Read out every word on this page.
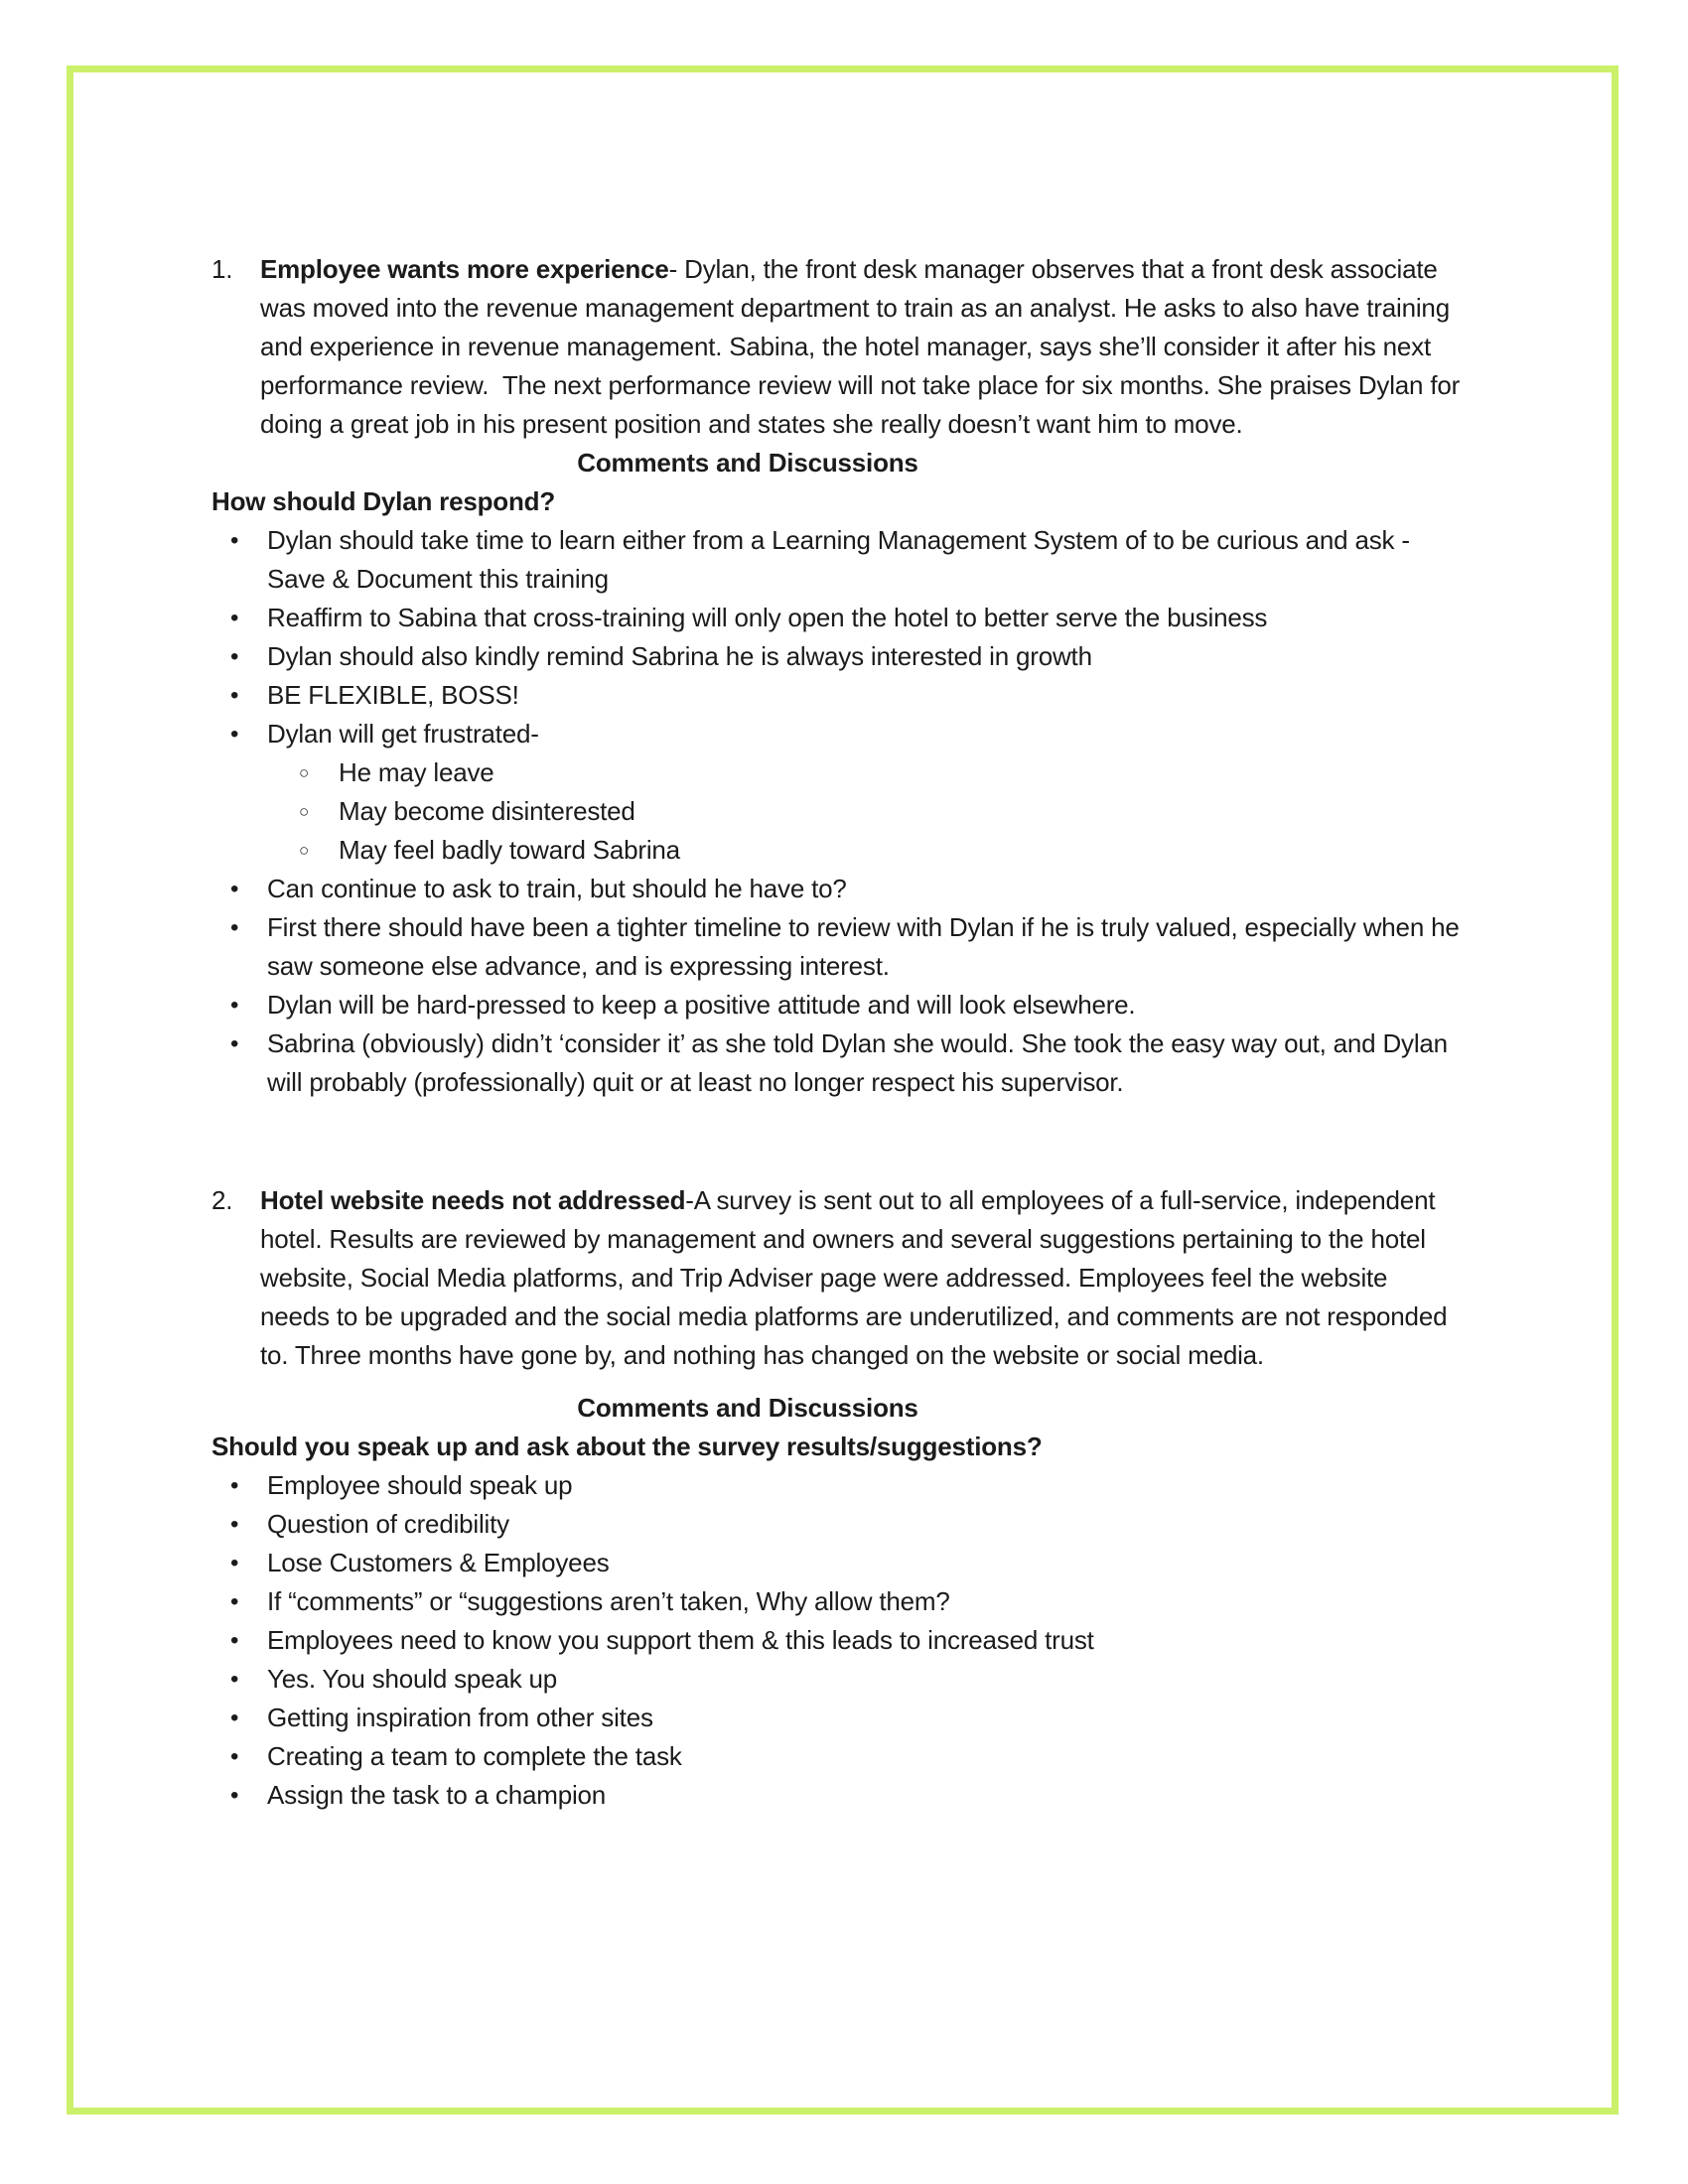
1.	Employee wants more experience- Dylan, the front desk manager observes that a front desk associate was moved into the revenue management department to train as an analyst. He asks to also have training and experience in revenue management. Sabina, the hotel manager, says she’ll consider it after his next performance review.  The next performance review will not take place for six months. She praises Dylan for doing a great job in his present position and states she really doesn’t want him to move.

Comments and Discussions
How should Dylan respond?
•	Dylan should take time to learn either from a Learning Management System of to be curious and ask -Save & Document this training
•	Reaffirm to Sabina that cross-training will only open the hotel to better serve the business
•	Dylan should also kindly remind Sabrina he is always interested in growth
•	BE FLEXIBLE, BOSS!
•	Dylan will get frustrated-
○	He may leave
○	May become disinterested
○	May feel badly toward Sabrina
•	Can continue to ask to train, but should he have to?
•	First there should have been a tighter timeline to review with Dylan if he is truly valued, especially when he saw someone else advance, and is expressing interest.
•	Dylan will be hard-pressed to keep a positive attitude and will look elsewhere.
•	Sabrina (obviously) didn’t ‘consider it’ as she told Dylan she would. She took the easy way out, and Dylan will probably (professionally) quit or at least no longer respect his supervisor.
2.	Hotel website needs not addressed-A survey is sent out to all employees of a full-service, independent hotel. Results are reviewed by management and owners and several suggestions pertaining to the hotel website, Social Media platforms, and Trip Adviser page were addressed. Employees feel the website needs to be upgraded and the social media platforms are underutilized, and comments are not responded to. Three months have gone by, and nothing has changed on the website or social media.

Comments and Discussions
Should you speak up and ask about the survey results/suggestions?
•	Employee should speak up
•	Question of credibility
•	Lose Customers & Employees
•	If “comments” or “suggestions aren’t taken, Why allow them?
•	Employees need to know you support them & this leads to increased trust
•	Yes. You should speak up
•	Getting inspiration from other sites
•	Creating a team to complete the task
•	Assign the task to a champion
